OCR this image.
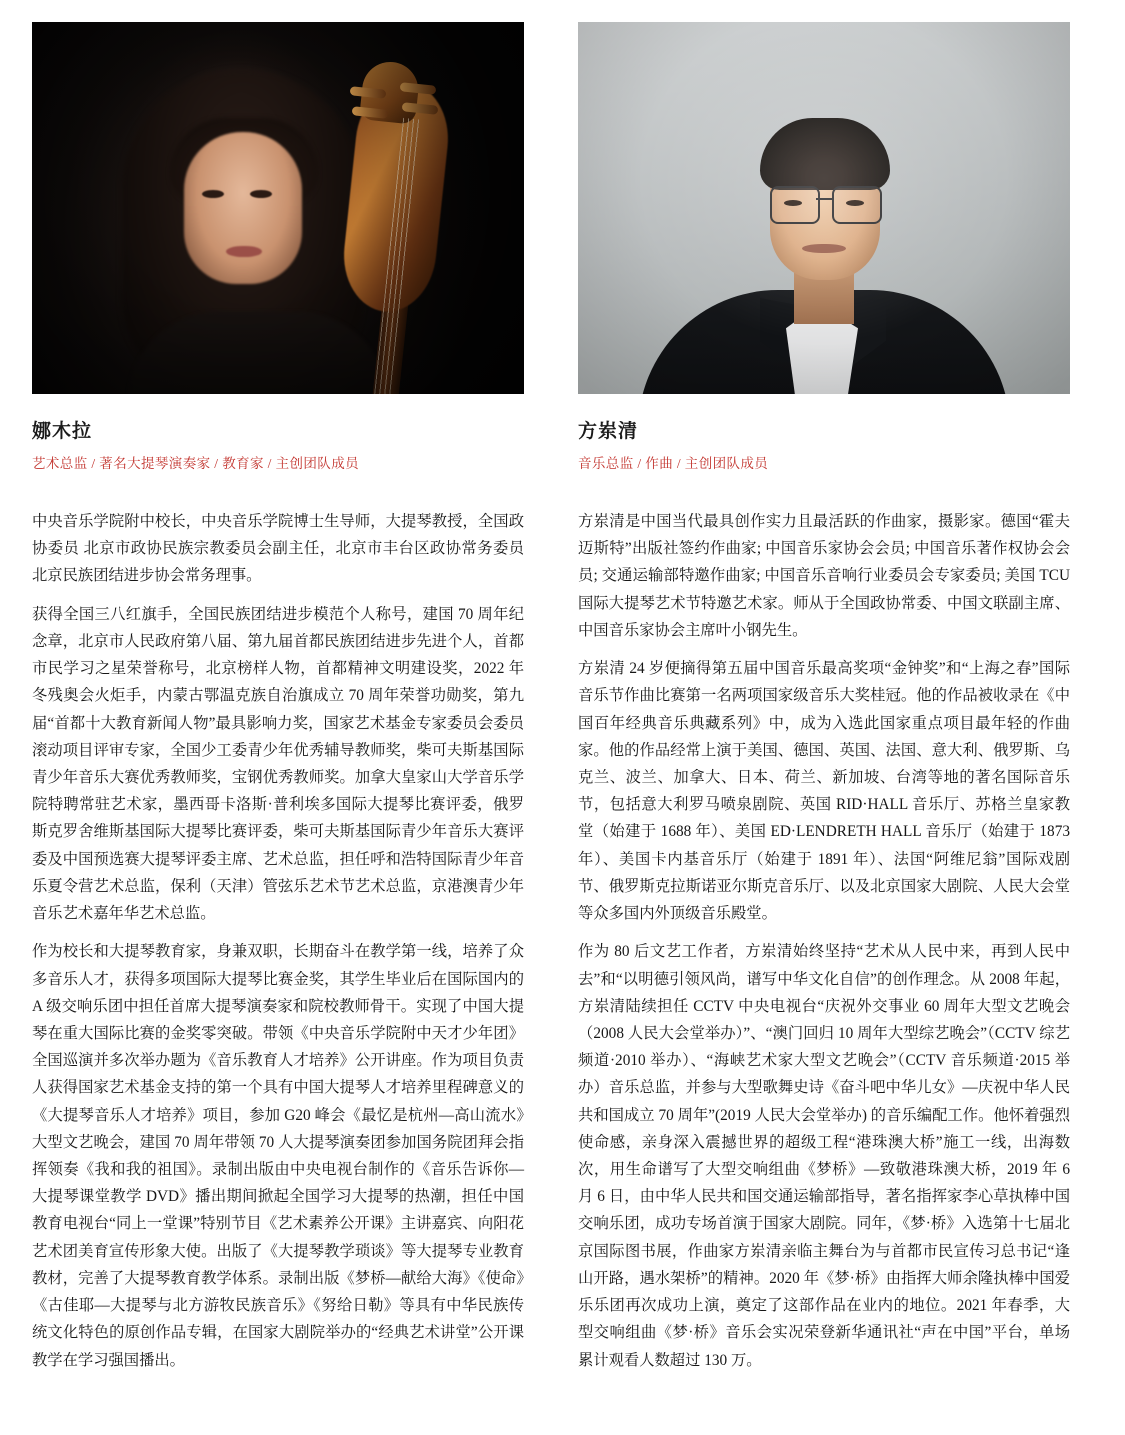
娜木拉
艺术总监 / 著名大提琴演奏家 / 教育家 / 主创团队成员

中央音乐学院附中校长，中央音乐学院博士生导师，大提琴教授，全国政协委员 北京市政协民族宗教委员会副主任，北京市丰台区政协常务委员 北京民族团结进步协会常务理事。

获得全国三八红旗手，全国民族团结进步模范个人称号，建国 70 周年纪念章，北京市人民政府第八届、第九届首都民族团结进步先进个人，首都市民学习之星荣誉称号，北京榜样人物，首都精神文明建设奖，2022 年冬残奥会火炬手，内蒙古鄂温克族自治旗成立 70 周年荣誉功勋奖，第九届“首都十大教育新闻人物”最具影响力奖，国家艺术基金专家委员会委员滚动项目评审专家，全国少工委青少年优秀辅导教师奖，柴可夫斯基国际青少年音乐大赛优秀教师奖，宝钢优秀教师奖。加拿大皇家山大学音乐学院特聘常驻艺术家，墨西哥卡洛斯·普利埃多国际大提琴比赛评委，俄罗斯克罗舍维斯基国际大提琴比赛评委，柴可夫斯基国际青少年音乐大赛评委及中国预选赛大提琴评委主席、艺术总监，担任呼和浩特国际青少年音乐夏令营艺术总监，保利（天津）管弦乐艺术节艺术总监，京港澳青少年音乐艺术嘉年华艺术总监。

作为校长和大提琴教育家，身兼双职，长期奋斗在教学第一线，培养了众多音乐人才，获得多项国际大提琴比赛金奖，其学生毕业后在国际国内的 A 级交响乐团中担任首席大提琴演奏家和院校教师骨干。实现了中国大提琴在重大国际比赛的金奖零突破。带领《中央音乐学院附中天才少年团》全国巡演并多次举办题为《音乐教育人才培养》公开讲座。作为项目负责人获得国家艺术基金支持的第一个具有中国大提琴人才培养里程碑意义的《大提琴音乐人才培养》项目，参加 G20 峰会《最忆是杭州—高山流水》大型文艺晚会，建国 70 周年带领 70 人大提琴演奏团参加国务院团拜会指挥领奏《我和我的祖国》。录制出版由中央电视台制作的《音乐告诉你—大提琴课堂教学 DVD》播出期间掀起全国学习大提琴的热潮，担任中国教育电视台“同上一堂课”特别节目《艺术素养公开课》主讲嘉宾、向阳花艺术团美育宣传形象大使。出版了《大提琴教学琐谈》等大提琴专业教育教材，完善了大提琴教育教学体系。录制出版《梦桥—献给大海》《使命》《古佳耶—大提琴与北方游牧民族音乐》《努给日勒》等具有中华民族传统文化特色的原创作品专辑，在国家大剧院举办的“经典艺术讲堂”公开课教学在学习强国播出。

方岽清
音乐总监 / 作曲 / 主创团队成员

方岽清是中国当代最具创作实力且最活跃的作曲家，摄影家。德国“霍夫迈斯特”出版社签约作曲家; 中国音乐家协会会员; 中国音乐著作权协会会员; 交通运输部特邀作曲家; 中国音乐音响行业委员会专家委员; 美国 TCU 国际大提琴艺术节特邀艺术家。师从于全国政协常委、中国文联副主席、中国音乐家协会主席叶小钢先生。

方岽清 24 岁便摘得第五届中国音乐最高奖项“金钟奖”和“上海之春”国际音乐节作曲比赛第一名两项国家级音乐大奖桂冠。他的作品被收录在《中国百年经典音乐典藏系列》中，成为入选此国家重点项目最年轻的作曲家。他的作品经常上演于美国、德国、英国、法国、意大利、俄罗斯、乌克兰、波兰、加拿大、日本、荷兰、新加坡、台湾等地的著名国际音乐节，包括意大利罗马喷泉剧院、英国 RID·HALL 音乐厅、苏格兰皇家教堂（始建于 1688 年）、美国 ED·LENDRETH HALL 音乐厅（始建于 1873 年）、美国卡内基音乐厅（始建于 1891 年）、法国“阿维尼翁”国际戏剧节、俄罗斯克拉斯诺亚尔斯克音乐厅、以及北京国家大剧院、人民大会堂等众多国内外顶级音乐殿堂。

作为 80 后文艺工作者，方岽清始终坚持“艺术从人民中来，再到人民中去”和“以明德引领风尚，谱写中华文化自信”的创作理念。从 2008 年起，方岽清陆续担任 CCTV 中央电视台“庆祝外交事业 60 周年大型文艺晚会（2008 人民大会堂举办）”、“澳门回归 10 周年大型综艺晚会”（CCTV 综艺频道·2010 举办）、“海峡艺术家大型文艺晚会”（CCTV 音乐频道·2015 举办）音乐总监，并参与大型歌舞史诗《奋斗吧中华儿女》—庆祝中华人民共和国成立 70 周年”(2019 人民大会堂举办) 的音乐编配工作。他怀着强烈使命感，亲身深入震撼世界的超级工程“港珠澳大桥”施工一线，出海数次，用生命谱写了大型交响组曲《梦桥》—致敬港珠澳大桥，2019 年 6 月 6 日，由中华人民共和国交通运输部指导，著名指挥家李心草执棒中国交响乐团，成功专场首演于国家大剧院。同年，《梦·桥》入选第十七届北京国际图书展，作曲家方岽清亲临主舞台为与首都市民宣传习总书记“逢山开路，遇水架桥”的精神。2020 年《梦·桥》由指挥大师余隆执棒中国爱乐乐团再次成功上演，奠定了这部作品在业内的地位。2021 年春季，大型交响组曲《梦·桥》音乐会实况荣登新华通讯社“声在中国”平台，单场累计观看人数超过 130 万。
